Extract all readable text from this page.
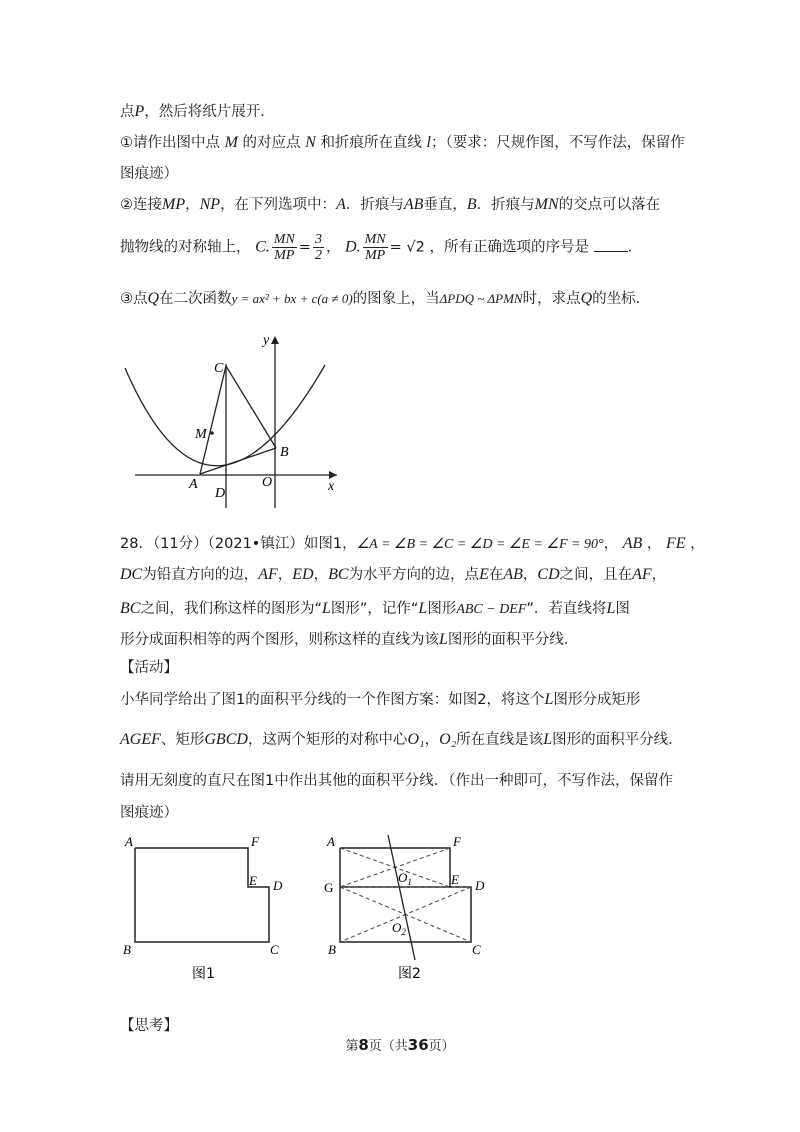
点P，然后将纸片展开．
①请作出图中点 M 的对应点 N 和折痕所在直线 l；（要求：尺规作图，不写作法，保留作
图痕迹）
②连接MP，NP，在下列选项中：A．折痕与AB垂直，B．折痕与MN的交点可以落在
抛物线的对称轴上， C. $\frac{MN}{MP} = \frac{3}{2}$ ， D. $\frac{MN}{MP} = √2$ ，所有正确选项的序号是	．
③点Q在二次函数y = ax² + bx + c(a ≠ 0)的图象上，当ΔPDQ ~ ΔPMN时，求点Q的坐标．
C
M
B
A
D
O
y
x
28．（11分）（2021•镇江）如图1，∠A = ∠B = ∠C = ∠D = ∠E = ∠F = 90°， AB ， FE ，
DC为铅直方向的边，AF，ED，BC为水平方向的边，点E在AB，CD之间，且在AF，
BC之间，我们称这样的图形为“L图形”，记作“L图形ABC − DEF”．若直线将L图
形分成面积相等的两个图形，则称这样的直线为该L图形的面积平分线．
【活动】
小华同学给出了图1的面积平分线的一个作图方案：如图2，将这个L图形分成矩形
AGEF、矩形GBCD，这两个矩形的对称中心O₁，O₂所在直线是该L图形的面积平分线．
请用无刻度的直尺在图1中作出其他的面积平分线．（作出一种即可，不写作法，保留作
图痕迹）
A	F
E D
B	C
图1
A	F
G
$O_1$	E D
$O_2$
B	C
图2
【思考】
第8页（共36页）
